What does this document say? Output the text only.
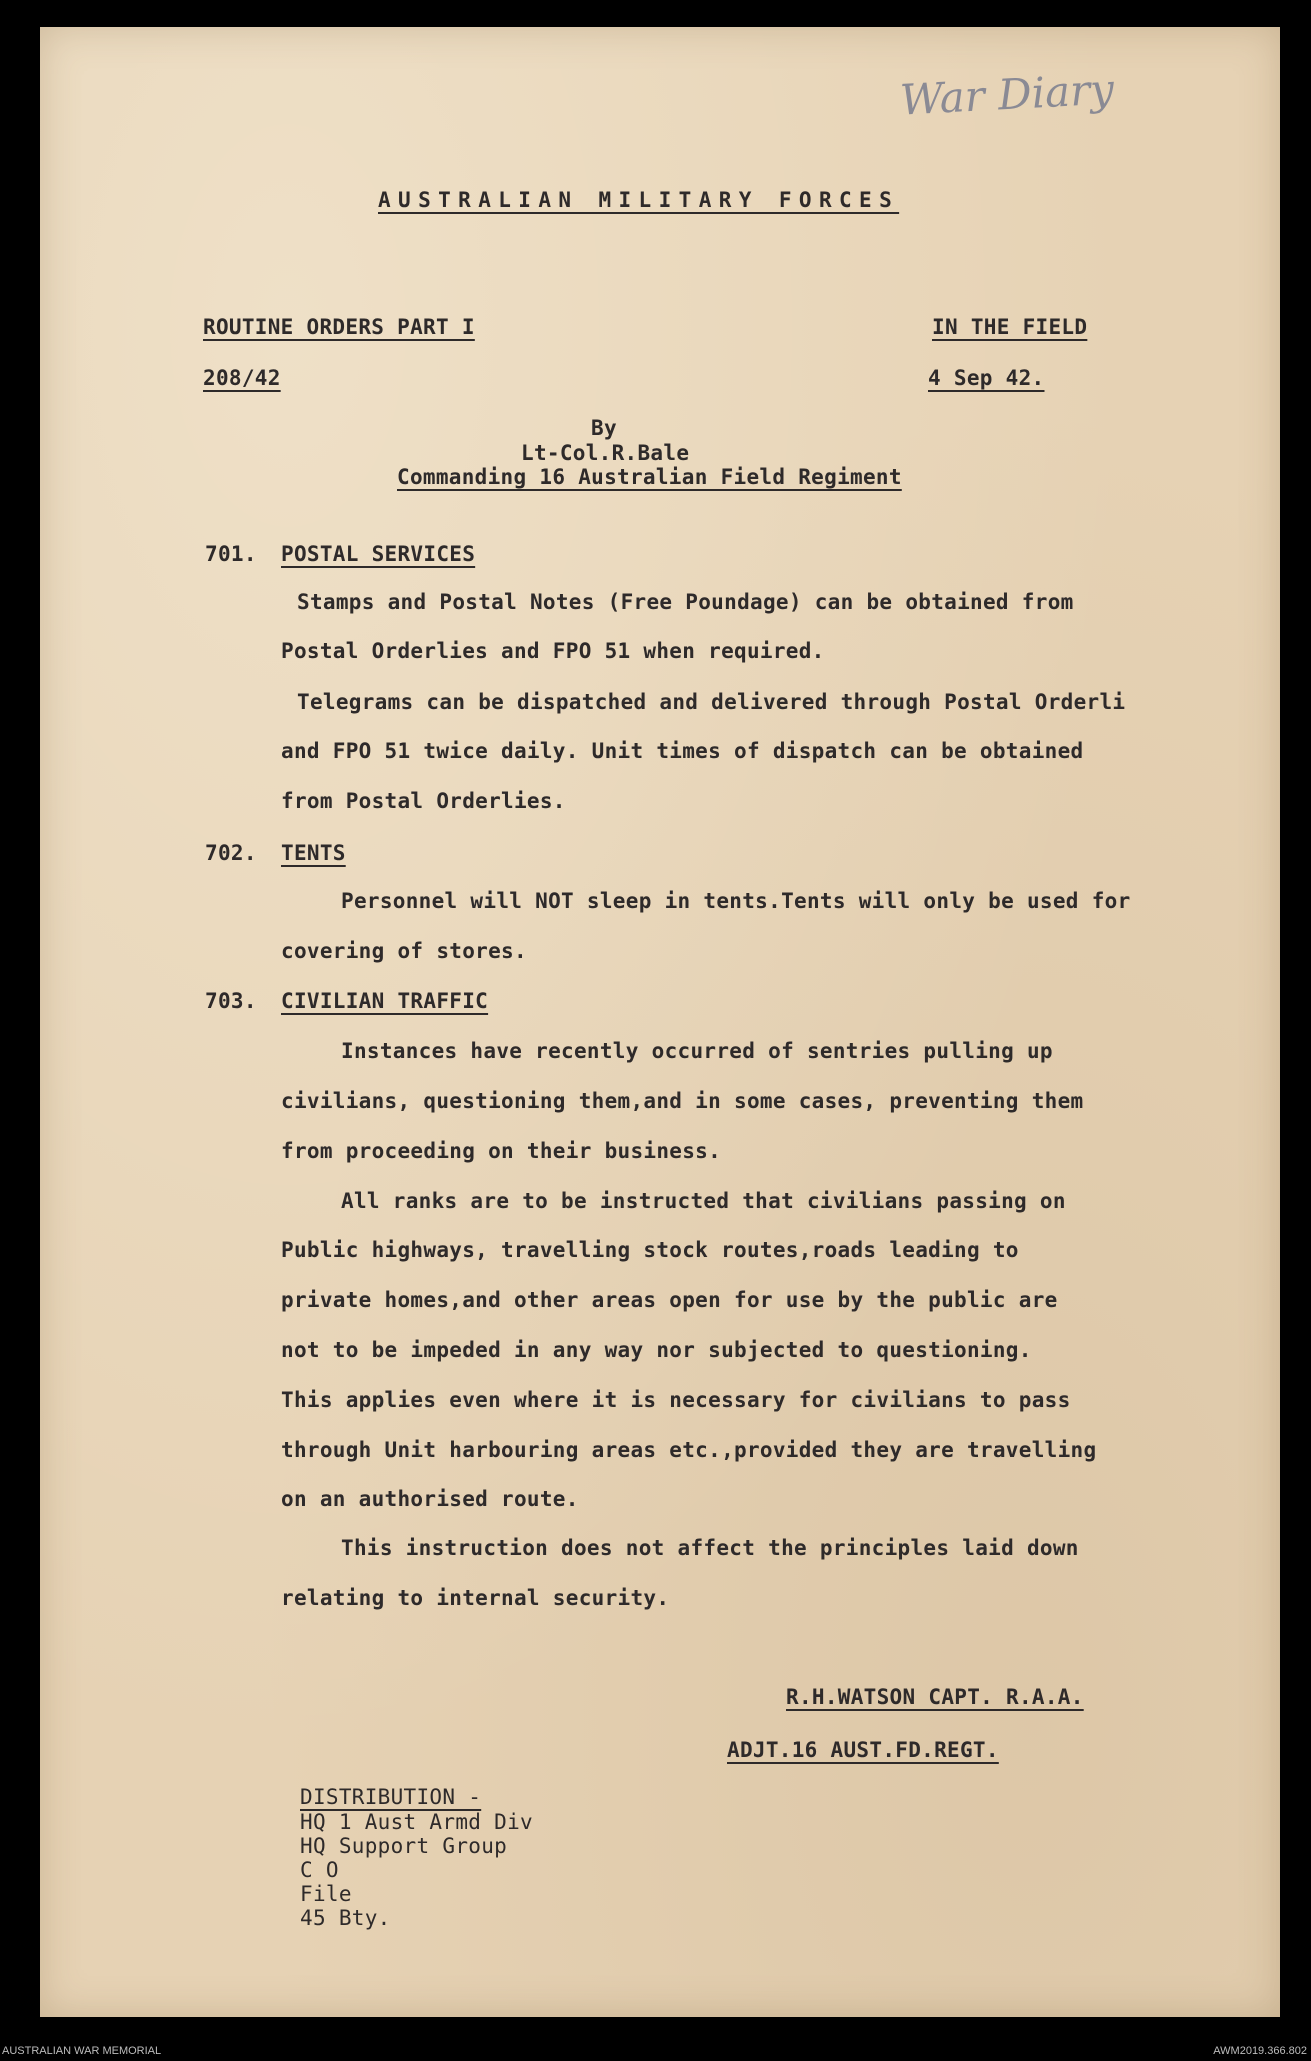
War Diary
AUSTRALIAN MILITARY FORCES
ROUTINE ORDERS PART I
208/42
IN THE FIELD
4 Sep 42.
By
Lt-Col.R.Bale
Commanding 16 Australian Field Regiment
701. POSTAL SERVICES
Stamps and Postal Notes (Free Poundage) can be obtained from
Postal Orderlies and FPO 51 when required.
Telegrams can be dispatched and delivered through Postal Orderli
and FPO 51 twice daily. Unit times of dispatch can be obtained
from Postal Orderlies.
702. TENTS
Personnel will NOT sleep in tents.Tents will only be used for
covering of stores.
703. CIVILIAN TRAFFIC
Instances have recently occurred of sentries pulling up
civilians, questioning them,and in some cases, preventing them
from proceeding on their business.
All ranks are to be instructed that civilians passing on
Public highways, travelling stock routes,roads leading to
private homes,and other areas open for use by the public are
not to be impeded in any way nor subjected to questioning.
This applies even where it is necessary for civilians to pass
through Unit harbouring areas etc.,provided they are travelling
on an authorised route.
This instruction does not affect the principles laid down
relating to internal security.
R.H.WATSON CAPT. R.A.A.
ADJT.16 AUST.FD.REGT.
DISTRIBUTION -
HQ 1 Aust Armd Div
HQ Support Group
C O
File
AUSTRALIAN WAR MEMORIAL	AWM2019.366.802
